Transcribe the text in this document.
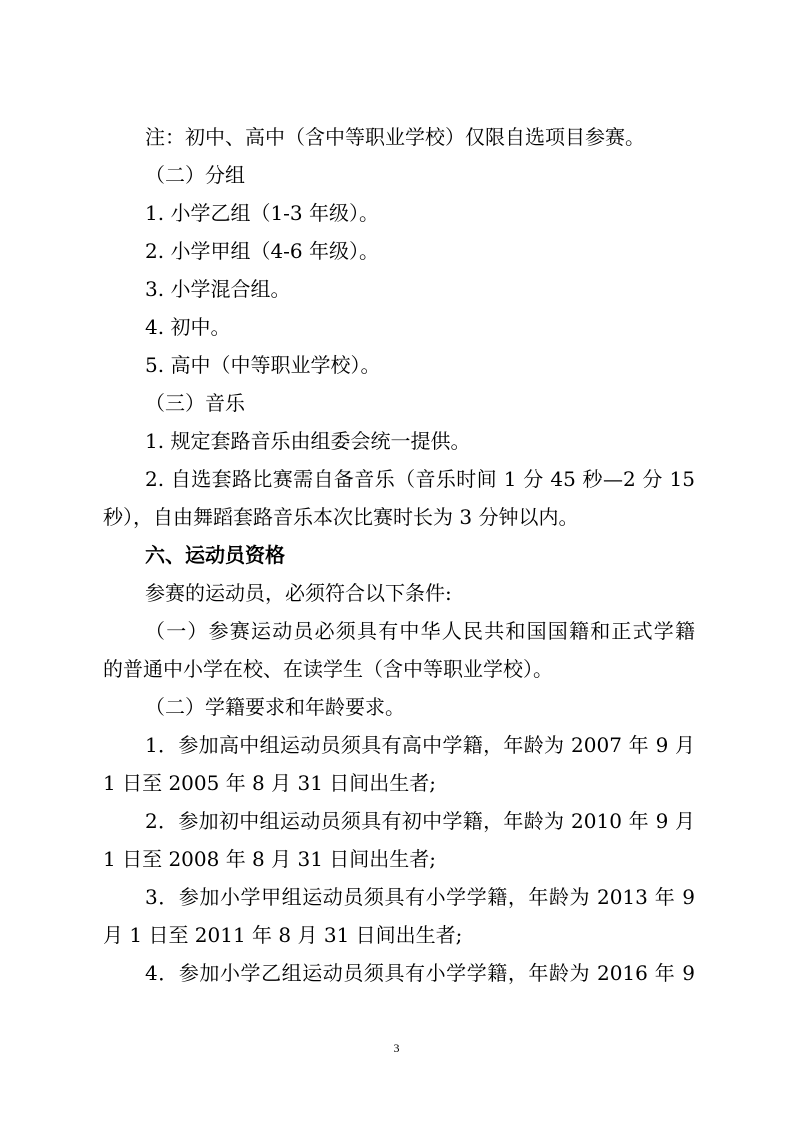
注：初中、高中（含中等职业学校）仅限自选项目参赛。
（二）分组
1. 小学乙组（1-3 年级）。
2. 小学甲组（4-6 年级）。
3. 小学混合组。
4. 初中。
5. 高中（中等职业学校）。
（三）音乐
1. 规定套路音乐由组委会统一提供。
2. 自选套路比赛需自备音乐（音乐时间 1 分 45 秒—2 分 15
秒），自由舞蹈套路音乐本次比赛时长为 3 分钟以内。
六、运动员资格
参赛的运动员，必须符合以下条件:
（一）参赛运动员必须具有中华人民共和国国籍和正式学籍
的普通中小学在校、在读学生（含中等职业学校）。
（二）学籍要求和年龄要求。
1．参加高中组运动员须具有高中学籍，年龄为 2007 年 9 月
1 日至 2005 年 8 月 31 日间出生者;
2．参加初中组运动员须具有初中学籍，年龄为 2010 年 9 月
1 日至 2008 年 8 月 31 日间出生者;
3．参加小学甲组运动员须具有小学学籍，年龄为 2013 年 9
月 1 日至 2011 年 8 月 31 日间出生者;
4．参加小学乙组运动员须具有小学学籍，年龄为 2016 年 9
3
